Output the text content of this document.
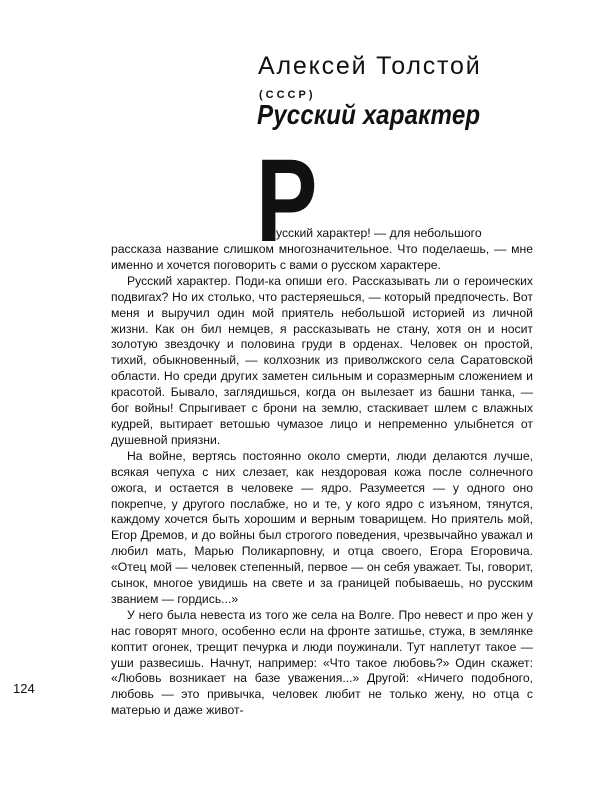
Алексей Толстой
(СССР)
Русский характер
Р
усский характер! — для небольшого

рассказа название слишком многозначительное. Что поделаешь, — мне именно и хочется поговорить с вами о русском характере.

Русский характер. Поди-ка опиши его. Рассказывать ли о героических подвигах? Но их столько, что растеряешься, — который предпочесть. Вот меня и выручил один мой приятель небольшой историей из личной жизни. Как он бил немцев, я рассказывать не стану, хотя он и носит золотую звездочку и половина груди в орденах. Человек он простой, тихий, обыкновенный, — колхозник из приволжского села Саратовской области. Но среди других заметен сильным и соразмерным сложением и красотой. Бывало, заглядишься, когда он вылезает из башни танка, — бог войны! Спрыгивает с брони на землю, стаскивает шлем с влажных кудрей, вытирает ветошью чумазое лицо и непременно улыбнется от душевной приязни.

На войне, вертясь постоянно около смерти, люди делаются лучше, всякая чепуха с них слезает, как нездоровая кожа после солнечного ожога, и остается в человеке — ядро. Разумеется — у одного оно покрепче, у другого послабже, но и те, у кого ядро с изъяном, тянутся, каждому хочется быть хорошим и верным товарищем. Но приятель мой, Егор Дремов, и до войны был строгого поведения, чрезвычайно уважал и любил мать, Марью Поликарповну, и отца своего, Егора Егоровича. «Отец мой — человек степенный, первое — он себя уважает. Ты, говорит, сынок, многое увидишь на свете и за границей побываешь, но русским званием — гордись...»

У него была невеста из того же села на Волге. Про невест и про жен у нас говорят много, особенно если на фронте затишье, стужа, в землянке коптит огонек, трещит печурка и люди поужинали. Тут наплетут такое — уши развесишь. Начнут, например: «Что такое любовь?» Один скажет: «Любовь возникает на базе уважения...» Другой: «Ничего подобного, любовь — это привычка, человек любит не только жену, но отца с матерью и даже живот-

124
